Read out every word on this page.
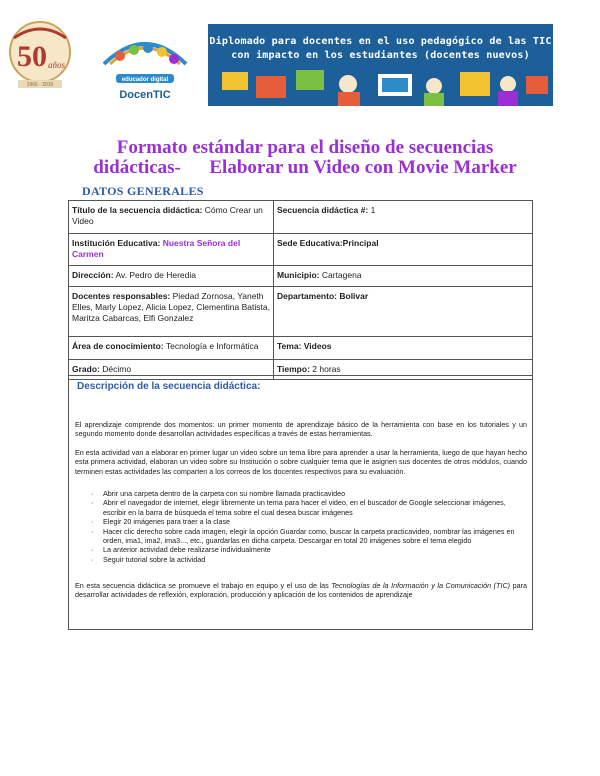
50 años
1966 - 2016
educador digital
DocenTIC
Diplomado para docentes en el uso pedagógico de las TIC
con impacto en los estudiantes (docentes nuevos)
Formato estándar para el diseño de secuencias
didácticas-      Elaborar un Video con Movie Marker
DATOS GENERALES
Título de la secuencia didáctica: Cómo Crear un Video	Secuencia didáctica #: 1
Institución Educativa: Nuestra Señora del Carmen	Sede Educativa:Principal
Dirección: Av. Pedro de Heredia	Municipio: Cartagena
Docentes responsables: Piedad Zornosa, Yaneth Elles, Marly Lopez, Alicia Lopez, Clementina Batista, Maritza Cabarcas, Elfi Gonzalez	Departamento: Bolivar
Área de conocimiento: Tecnología e Informática	Tema: Videos
Grado: Décimo	Tiempo: 2 horas
Descripción de la secuencia didáctica:

El aprendizaje comprende dos momentos: un primer momento de aprendizaje básico de la herramienta con base en los tutoriales y un segundo momento donde desarrollan actividades específicas a través de estas herramientas.

En esta actividad van a elaborar en primer lugar un video sobre un tema libre para aprender a usar la herramienta, luego de que hayan hecho esta primera actividad, elaboran un video sobre su Institución o sobre cualquier tema que le asignen sus docentes de otros módulos, cuando terminen estas actividades las comparten a los correos de los docentes respectivos para su evaluación.

· Abrir una carpeta dentro de la carpeta con su nombre llamada practicavideo
· Abrir el navegador de internet, elegir libremente un tema para hacer el video, en el buscador de Google seleccionar imágenes, escribir en la barra de búsqueda el tema sobre el cual desea buscar imágenes
· Elegir 20 imágenes para traer a la clase
· Hacer clic derecho sobre cada imagen, elegir la opción Guardar como, buscar la carpeta practicavideo, nombrar las imágenes en orden, ima1, ima2, ima3..., etc., guardarlas en dicha carpeta. Descargar en total 20 imágenes sobre el tema elegido
· La anterior actividad debe realizarse individualmente
· Seguir tutorial sobre la actividad

En esta secuencia didáctica se promueve el trabajo en equipo y el uso de las Tecnologías de la Información y la Comunicación (TIC) para desarrollar actividades de reflexión, exploración, producción y aplicación de los contenidos de aprendizaje
